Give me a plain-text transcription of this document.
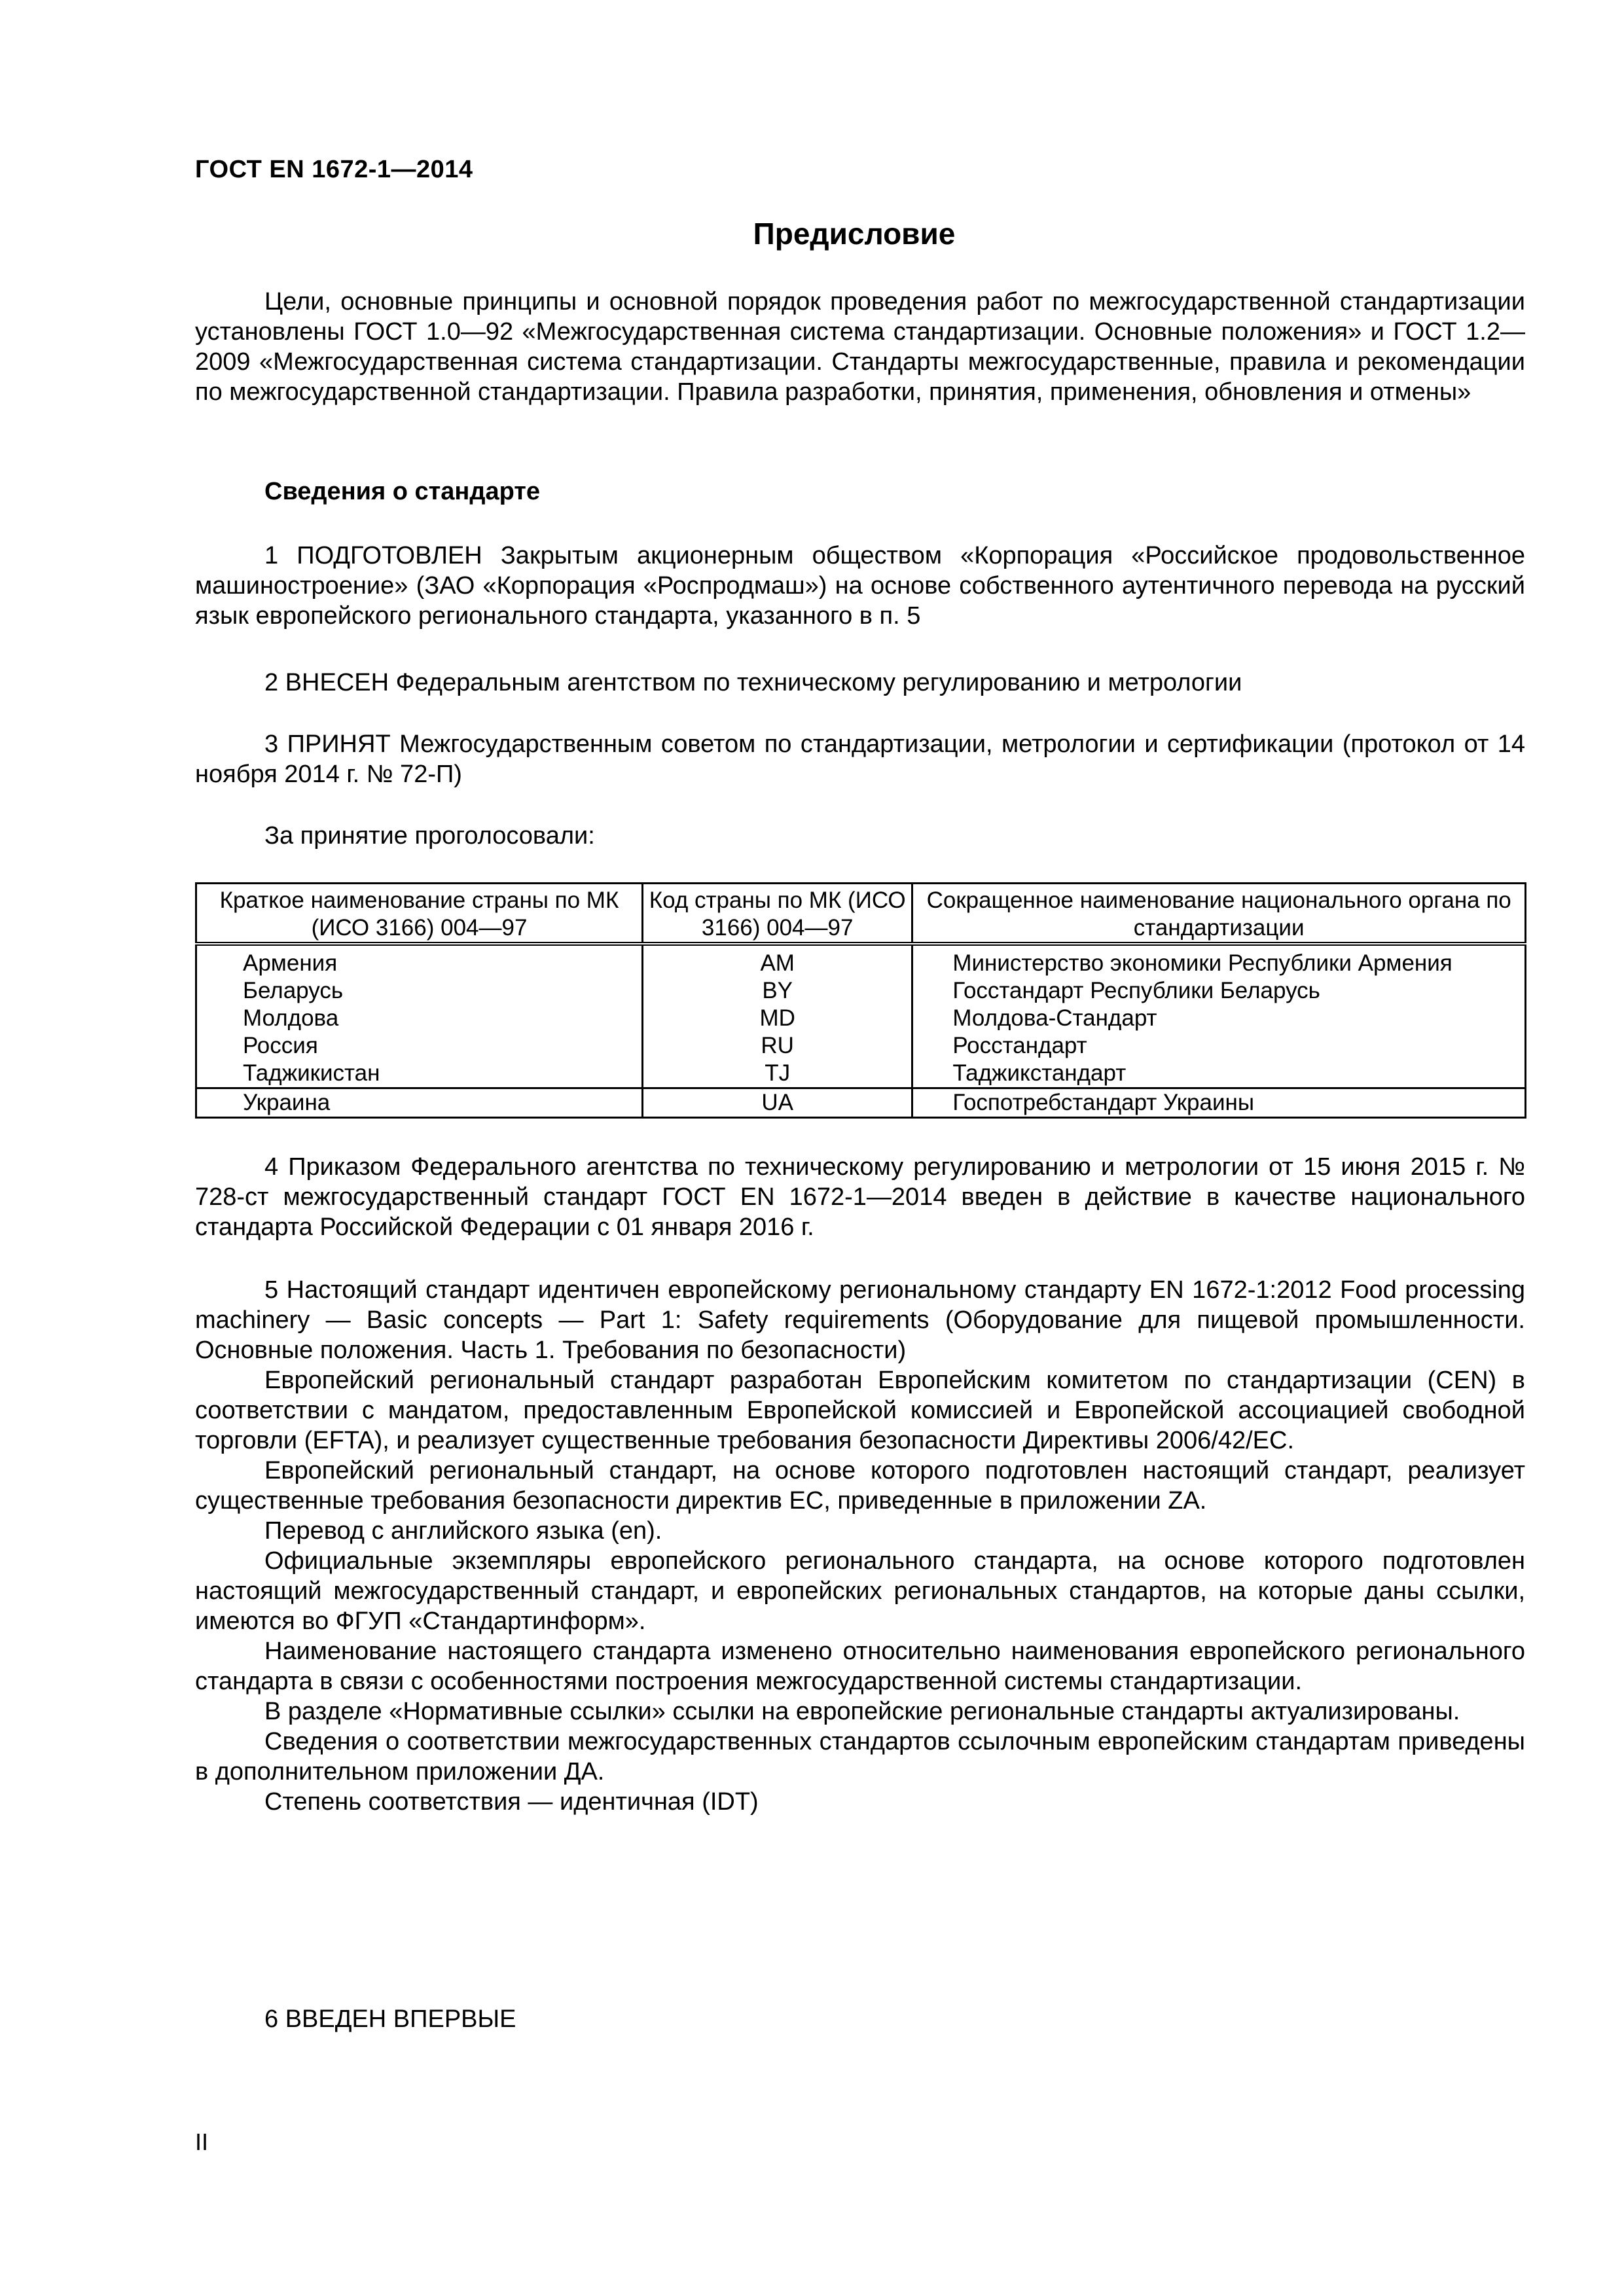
ГОСТ EN 1672-1—2014
Предисловие

Цели, основные принципы и основной порядок проведения работ по межгосударственной стандартизации установлены ГОСТ 1.0—92 «Межгосударственная система стандартизации. Основные положения» и ГОСТ 1.2—2009 «Межгосударственная система стандартизации. Стандарты межгосударственные, правила и рекомендации по межгосударственной стандартизации. Правила разработки, принятия, применения, обновления и отмены»

Сведения о стандарте

1 ПОДГОТОВЛЕН Закрытым акционерным обществом «Корпорация «Российское продовольственное машиностроение» (ЗАО «Корпорация «Роспродмаш») на основе собственного аутентичного перевода на русский язык европейского регионального стандарта, указанного в п. 5

2 ВНЕСЕН Федеральным агентством по техническому регулированию и метрологии

3 ПРИНЯТ Межгосударственным советом по стандартизации, метрологии и сертификации (протокол от 14 ноября 2014 г. № 72-П)

За принятие проголосовали:

Краткое наименование страны по МК (ИСО 3166) 004—97	Код страны по МК (ИСО 3166) 004—97	Сокращенное наименование национального органа по стандартизации
Армения	AM	Министерство экономики Республики Армения
Беларусь	BY	Госстандарт Республики Беларусь
Молдова	MD	Молдова-Стандарт
Россия	RU	Росстандарт
Таджикистан	TJ	Таджикстандарт
Украина	UA	Госпотребстандарт Украины

4 Приказом Федерального агентства по техническому регулированию и метрологии от 15 июня 2015 г. № 728-ст межгосударственный стандарт ГОСТ EN 1672-1—2014 введен в действие в качестве национального стандарта Российской Федерации с 01 января 2016 г.

5 Настоящий стандарт идентичен европейскому региональному стандарту EN 1672-1:2012 Food processing machinery — Basic concepts — Part 1: Safety requirements (Оборудование для пищевой промышленности. Основные положения. Часть 1. Требования по безопасности)

Европейский региональный стандарт разработан Европейским комитетом по стандартизации (CEN) в соответствии с мандатом, предоставленным Европейской комиссией и Европейской ассоциацией свободной торговли (EFTA), и реализует существенные требования безопасности Директивы 2006/42/ЕС.

Европейский региональный стандарт, на основе которого подготовлен настоящий стандарт, реализует существенные требования безопасности директив ЕС, приведенные в приложении ZA.

Перевод с английского языка (en).

Официальные экземпляры европейского регионального стандарта, на основе которого подготовлен настоящий межгосударственный стандарт, и европейских региональных стандартов, на которые даны ссылки, имеются во ФГУП «Стандартинформ».

Наименование настоящего стандарта изменено относительно наименования европейского регионального стандарта в связи с особенностями построения межгосударственной системы стандартизации.

В разделе «Нормативные ссылки» ссылки на европейские региональные стандарты актуализированы.

Сведения о соответствии межгосударственных стандартов ссылочным европейским стандартам приведены в дополнительном приложении ДА.

Степень соответствия — идентичная (IDT)

6 ВВЕДЕН ВПЕРВЫЕ

II
